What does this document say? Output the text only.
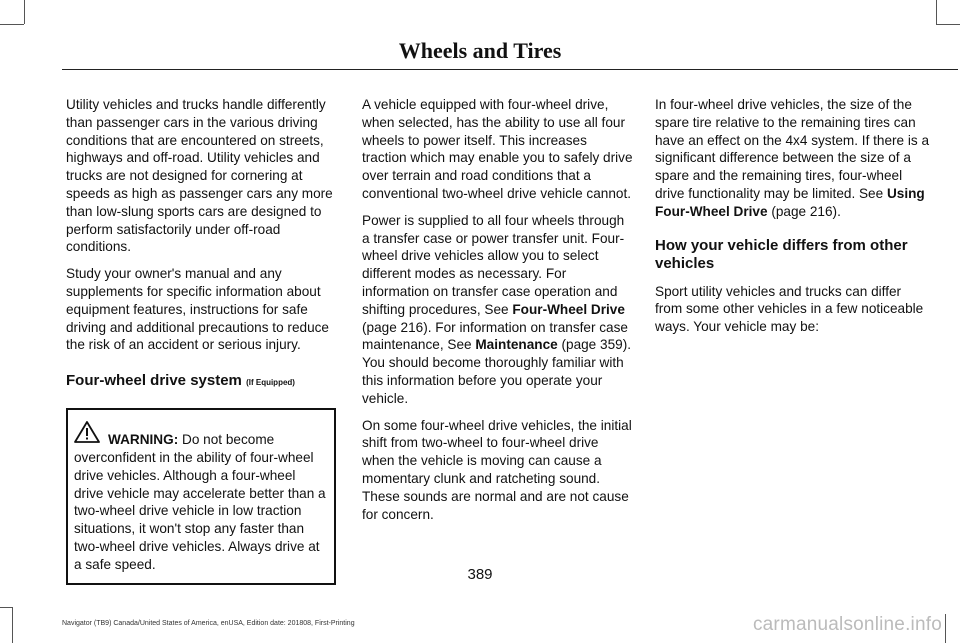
Wheels and Tires

Utility vehicles and trucks handle differently than passenger cars in the various driving conditions that are encountered on streets, highways and off-road. Utility vehicles and trucks are not designed for cornering at speeds as high as passenger cars any more than low-slung sports cars are designed to perform satisfactorily under off-road conditions.

Study your owner's manual and any supplements for specific information about equipment features, instructions for safe driving and additional precautions to reduce the risk of an accident or serious injury.

Four-wheel drive system (If Equipped)
WARNING: Do not become
overconfident in the ability of four-wheel drive vehicles. Although a four-wheel drive vehicle may accelerate better than a two-wheel drive vehicle in low traction situations, it won't stop any faster than two-wheel drive vehicles. Always drive at a safe speed.

A vehicle equipped with four-wheel drive, when selected, has the ability to use all four wheels to power itself. This increases traction which may enable you to safely drive over terrain and road conditions that a conventional two-wheel drive vehicle cannot.

Power is supplied to all four wheels through a transfer case or power transfer unit. Four-wheel drive vehicles allow you to select different modes as necessary. For information on transfer case operation and shifting procedures, See Four-Wheel Drive (page 216). For information on transfer case maintenance, See Maintenance (page 359). You should become thoroughly familiar with this information before you operate your vehicle.

On some four-wheel drive vehicles, the initial shift from two-wheel to four-wheel drive when the vehicle is moving can cause a momentary clunk and ratcheting sound. These sounds are normal and are not cause for concern.

In four-wheel drive vehicles, the size of the spare tire relative to the remaining tires can have an effect on the 4x4 system. If there is a significant difference between the size of a spare and the remaining tires, four-wheel drive functionality may be limited. See Using Four-Wheel Drive (page 216).

How your vehicle differs from other vehicles

Sport utility vehicles and trucks can differ from some other vehicles in a few noticeable ways. Your vehicle may be:

389
Navigator (TB9) Canada/United States of America, enUSA, Edition date: 201808, First-Printing	carmanualsonline.info
